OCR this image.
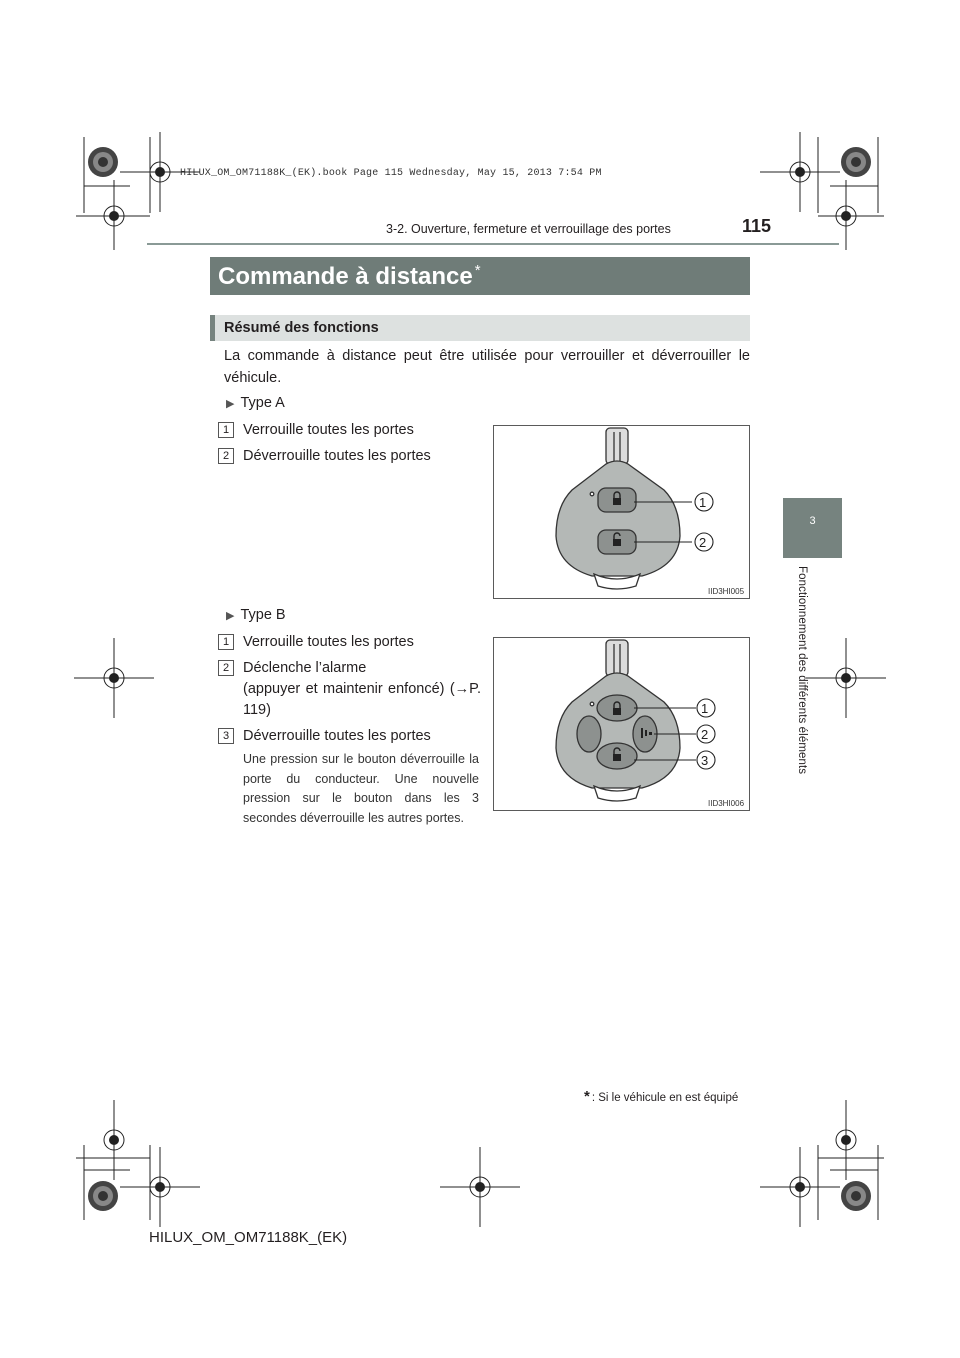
HILUX_OM_OM71188K_(EK).book Page 115 Wednesday, May 15, 2013 7:54 PM
3-2. Ouverture, fermeture et verrouillage des portes	115
3
Fonctionnement des différents éléments
Commande à distance *
Résumé des fonctions
La commande à distance peut être utilisée pour verrouiller et déverrouiller le véhicule.
▶ Type A
1 Verrouille toutes les portes
2 Déverrouille toutes les portes
1
2
IID3HI005
▶ Type B
1 Verrouille toutes les portes
2 Déclenche l’alarme
(appuyer et maintenir enfoncé) (→P. 119)
3 Déverrouille toutes les portes
Une pression sur le bouton déverrouille la porte du conducteur. Une nouvelle pression sur le bouton dans les 3 secondes déverrouille les autres portes.
1
2
3
IID3HI006
* : Si le véhicule en est équipé
HILUX_OM_OM71188K_(EK)
